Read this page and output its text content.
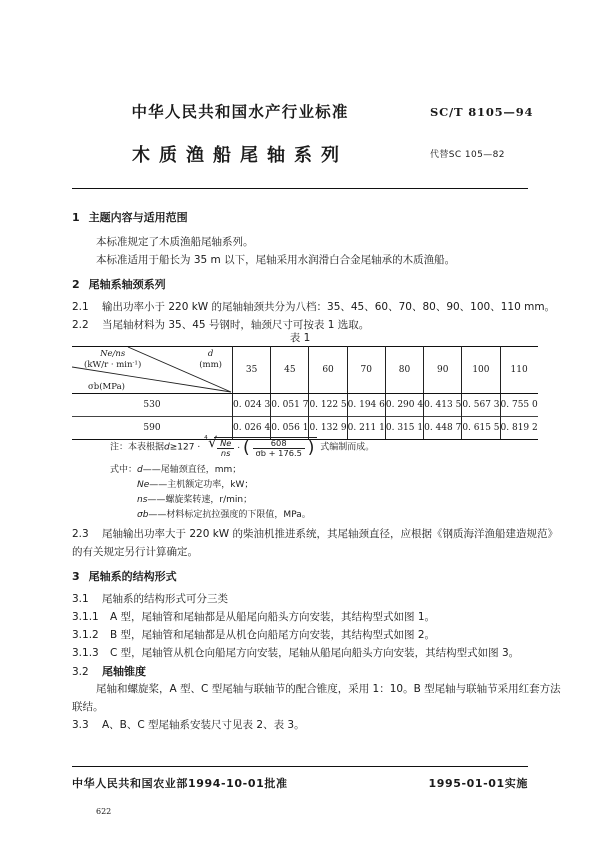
中华人民共和国水产行业标准	SC/T 8105—94
木质渔船尾轴系列	代替SC 105—82
1 主题内容与适用范围
本标准规定了木质渔船尾轴系列。
本标准适用于船长为 35 m 以下，尾轴采用水润滑白合金尾轴承的木质渔船。
2 尾轴系轴颈系列
2.1 输出功率小于 220 kW 的尾轴轴颈共分为八档：35、45、60、70、80、90、100、110 mm。
2.2 当尾轴材料为 35、45 号钢时，轴颈尺寸可按表 1 选取。
表 1
Ne/ns
$(kW/r \cdot \min^{-1})$
d
(mm)
σb(MPa)	35	45	60	70	80	90	100	110
530	0. 024 3	0. 051 7	0. 122 5	0. 194 6	0. 290 4	0. 413 5	0. 567 3	0. 755 0
590	0. 026 4	0. 056 1	0. 132 9	0. 211 1	0. 315 1	0. 448 7	0. 615 5	0. 819 2
注：本表根据d≥127 ·
4 √ $\frac{Ne}{ns}$ · ( $\frac{608}{\sigma b + 176.5}$ ) 式编制而成。
式中：d——尾轴颈直径，mm；
Ne——主机额定功率，kW；
ns——螺旋桨转速，r/min；
σb——材料标定抗拉强度的下限值，MPa。
2.3 尾轴输出功率大于 220 kW 的柴油机推进系统，其尾轴颈直径，应根据《钢质海洋渔船建造规范》
的有关规定另行计算确定。
3 尾轴系的结构形式
3.1 尾轴系的结构形式可分三类
3.1.1 A 型，尾轴管和尾轴都是从船尾向船头方向安装，其结构型式如图 1。
3.1.2 B 型，尾轴管和尾轴都是从机仓向船尾方向安装，其结构型式如图 2。
3.1.3 C 型，尾轴管从机仓向船尾方向安装，尾轴从船尾向船头方向安装，其结构型式如图 3。
3.2 尾轴锥度
尾轴和螺旋桨，A 型、C 型尾轴与联轴节的配合锥度，采用 1：10。B 型尾轴与联轴节采用红套方法
联结。
3.3 A、B、C 型尾轴系安装尺寸见表 2、表 3。
中华人民共和国农业部1994-10-01批准	1995-01-01实施
622
